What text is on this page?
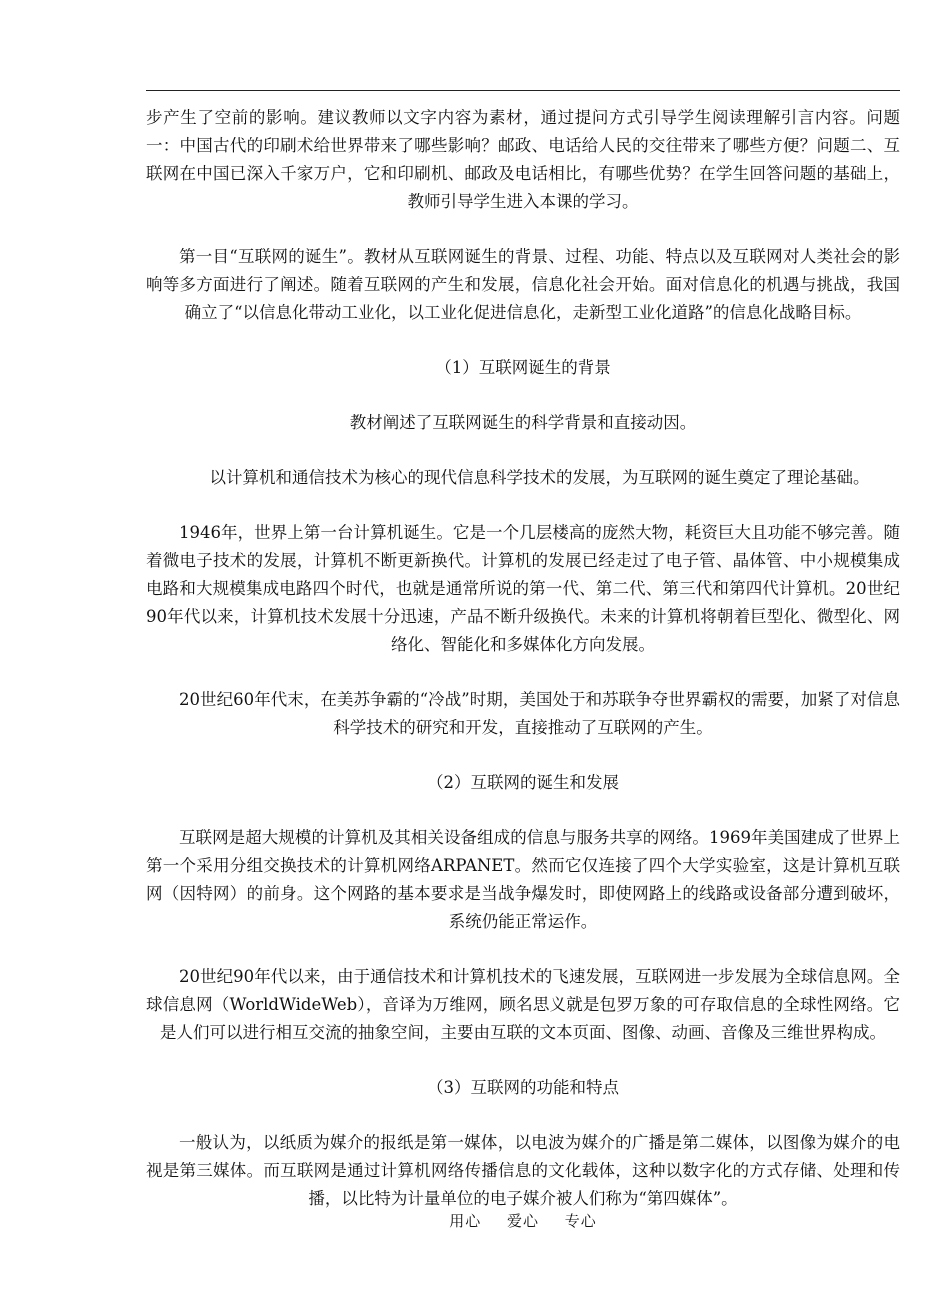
步产生了空前的影响。建议教师以文字内容为素材，通过提问方式引导学生阅读理解引言内容。问题一：中国古代的印刷术给世界带来了哪些影响？邮政、电话给人民的交往带来了哪些方便？问题二、互联网在中国已深入千家万户，它和印刷机、邮政及电话相比，有哪些优势？在学生回答问题的基础上，教师引导学生进入本课的学习。

第一目“互联网的诞生”。教材从互联网诞生的背景、过程、功能、特点以及互联网对人类社会的影响等多方面进行了阐述。随着互联网的产生和发展，信息化社会开始。面对信息化的机遇与挑战，我国确立了“以信息化带动工业化，以工业化促进信息化，走新型工业化道路”的信息化战略目标。

（1）互联网诞生的背景

教材阐述了互联网诞生的科学背景和直接动因。

以计算机和通信技术为核心的现代信息科学技术的发展，为互联网的诞生奠定了理论基础。

1946年，世界上第一台计算机诞生。它是一个几层楼高的庞然大物，耗资巨大且功能不够完善。随着微电子技术的发展，计算机不断更新换代。计算机的发展已经走过了电子管、晶体管、中小规模集成电路和大规模集成电路四个时代，也就是通常所说的第一代、第二代、第三代和第四代计算机。20世纪90年代以来，计算机技术发展十分迅速，产品不断升级换代。未来的计算机将朝着巨型化、微型化、网络化、智能化和多媒体化方向发展。

20世纪60年代末，在美苏争霸的“冷战”时期，美国处于和苏联争夺世界霸权的需要，加紧了对信息科学技术的研究和开发，直接推动了互联网的产生。

（2）互联网的诞生和发展

互联网是超大规模的计算机及其相关设备组成的信息与服务共享的网络。1969年美国建成了世界上第一个采用分组交换技术的计算机网络ARPANET。然而它仅连接了四个大学实验室，这是计算机互联网（因特网）的前身。这个网路的基本要求是当战争爆发时，即使网路上的线路或设备部分遭到破坏，系统仍能正常运作。

20世纪90年代以来，由于通信技术和计算机技术的飞速发展，互联网进一步发展为全球信息网。全球信息网（WorldWideWeb），音译为万维网，顾名思义就是包罗万象的可存取信息的全球性网络。它是人们可以进行相互交流的抽象空间，主要由互联的文本页面、图像、动画、音像及三维世界构成。

（3）互联网的功能和特点

一般认为，以纸质为媒介的报纸是第一媒体，以电波为媒介的广播是第二媒体，以图像为媒介的电视是第三媒体。而互联网是通过计算机网络传播信息的文化载体，这种以数字化的方式存储、处理和传播，以比特为计量单位的电子媒介被人们称为“第四媒体”。

用心 爱心 专心
